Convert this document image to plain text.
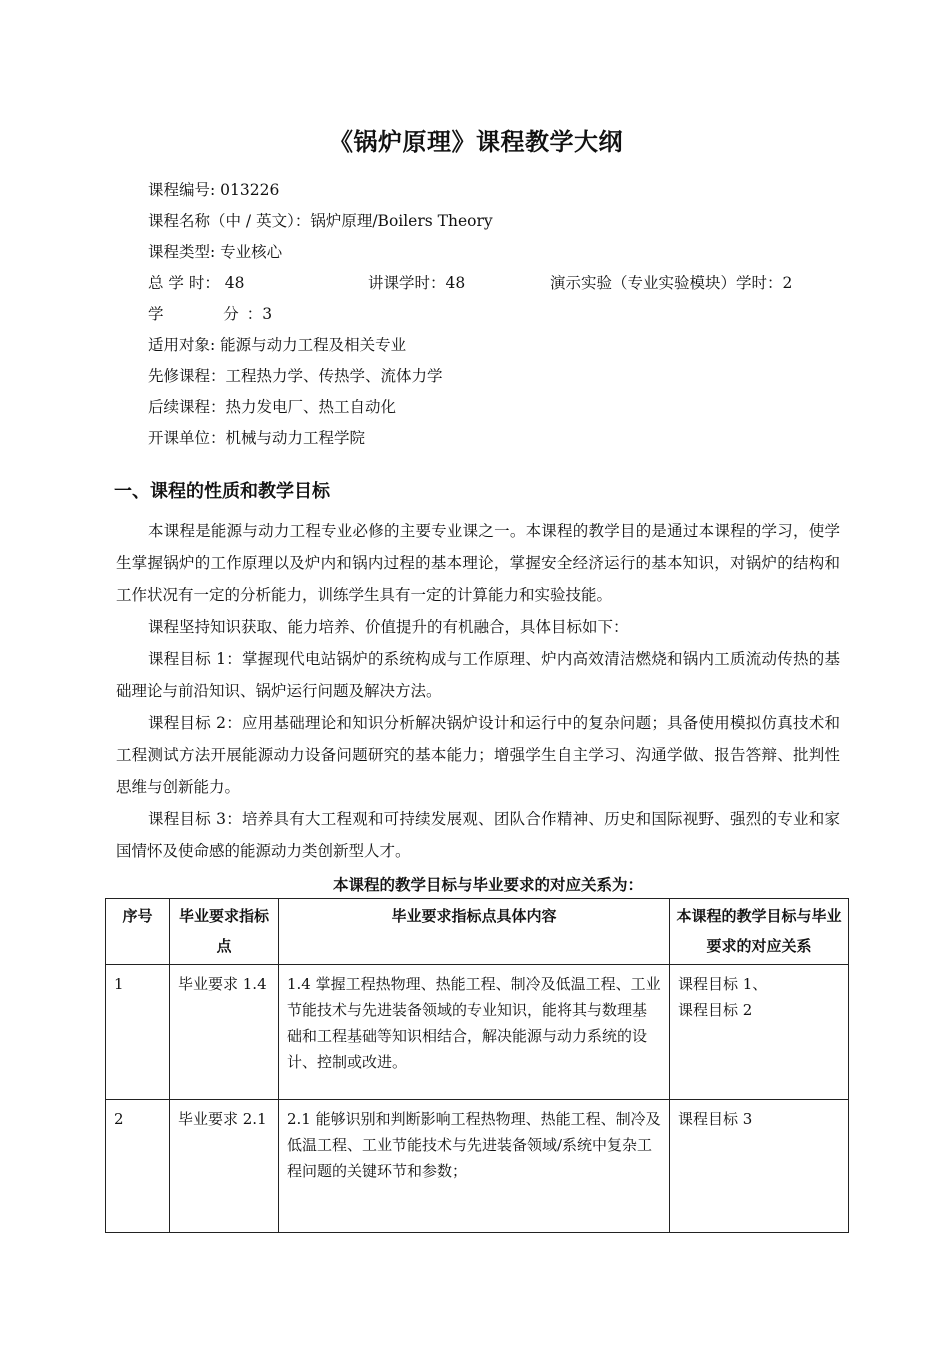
《锅炉原理》课程教学大纲
课程编号: 013226
课程名称（中 / 英文）：锅炉原理/Boilers Theory
课程类型: 专业核心
总 学 时： 48	讲课学时：48	演示实验（专业实验模块）学时：2
学    分：3
适用对象: 能源与动力工程及相关专业
先修课程：工程热力学、传热学、流体力学
后续课程：热力发电厂、热工自动化
开课单位：机械与动力工程学院
一、课程的性质和教学目标

本课程是能源与动力工程专业必修的主要专业课之一。本课程的教学目的是通过本课程的学习，使学生掌握锅炉的工作原理以及炉内和锅内过程的基本理论，掌握安全经济运行的基本知识，对锅炉的结构和工作状况有一定的分析能力，训练学生具有一定的计算能力和实验技能。

课程坚持知识获取、能力培养、价值提升的有机融合，具体目标如下：

课程目标 1：掌握现代电站锅炉的系统构成与工作原理、炉内高效清洁燃烧和锅内工质流动传热的基础理论与前沿知识、锅炉运行问题及解决方法。

课程目标 2：应用基础理论和知识分析解决锅炉设计和运行中的复杂问题；具备使用模拟仿真技术和工程测试方法开展能源动力设备问题研究的基本能力；增强学生自主学习、沟通学做、报告答辩、批判性思维与创新能力。

课程目标 3：培养具有大工程观和可持续发展观、团队合作精神、历史和国际视野、强烈的专业和家国情怀及使命感的能源动力类创新型人才。

本课程的教学目标与毕业要求的对应关系为：
序号	毕业要求指标点	毕业要求指标点具体内容	本课程的教学目标与毕业要求的对应关系
1	毕业要求 1.4	1.4 掌握工程热物理、热能工程、制冷及低温工程、工业节能技术与先进装备领域的专业知识，能将其与数理基础和工程基础等知识相结合，解决能源与动力系统的设计、控制或改进。	课程目标 1、
课程目标 2

2	毕业要求 2.1	2.1 能够识别和判断影响工程热物理、热能工程、制冷及低温工程、工业节能技术与先进装备领域/系统中复杂工程问题的关键环节和参数；	课程目标 3
